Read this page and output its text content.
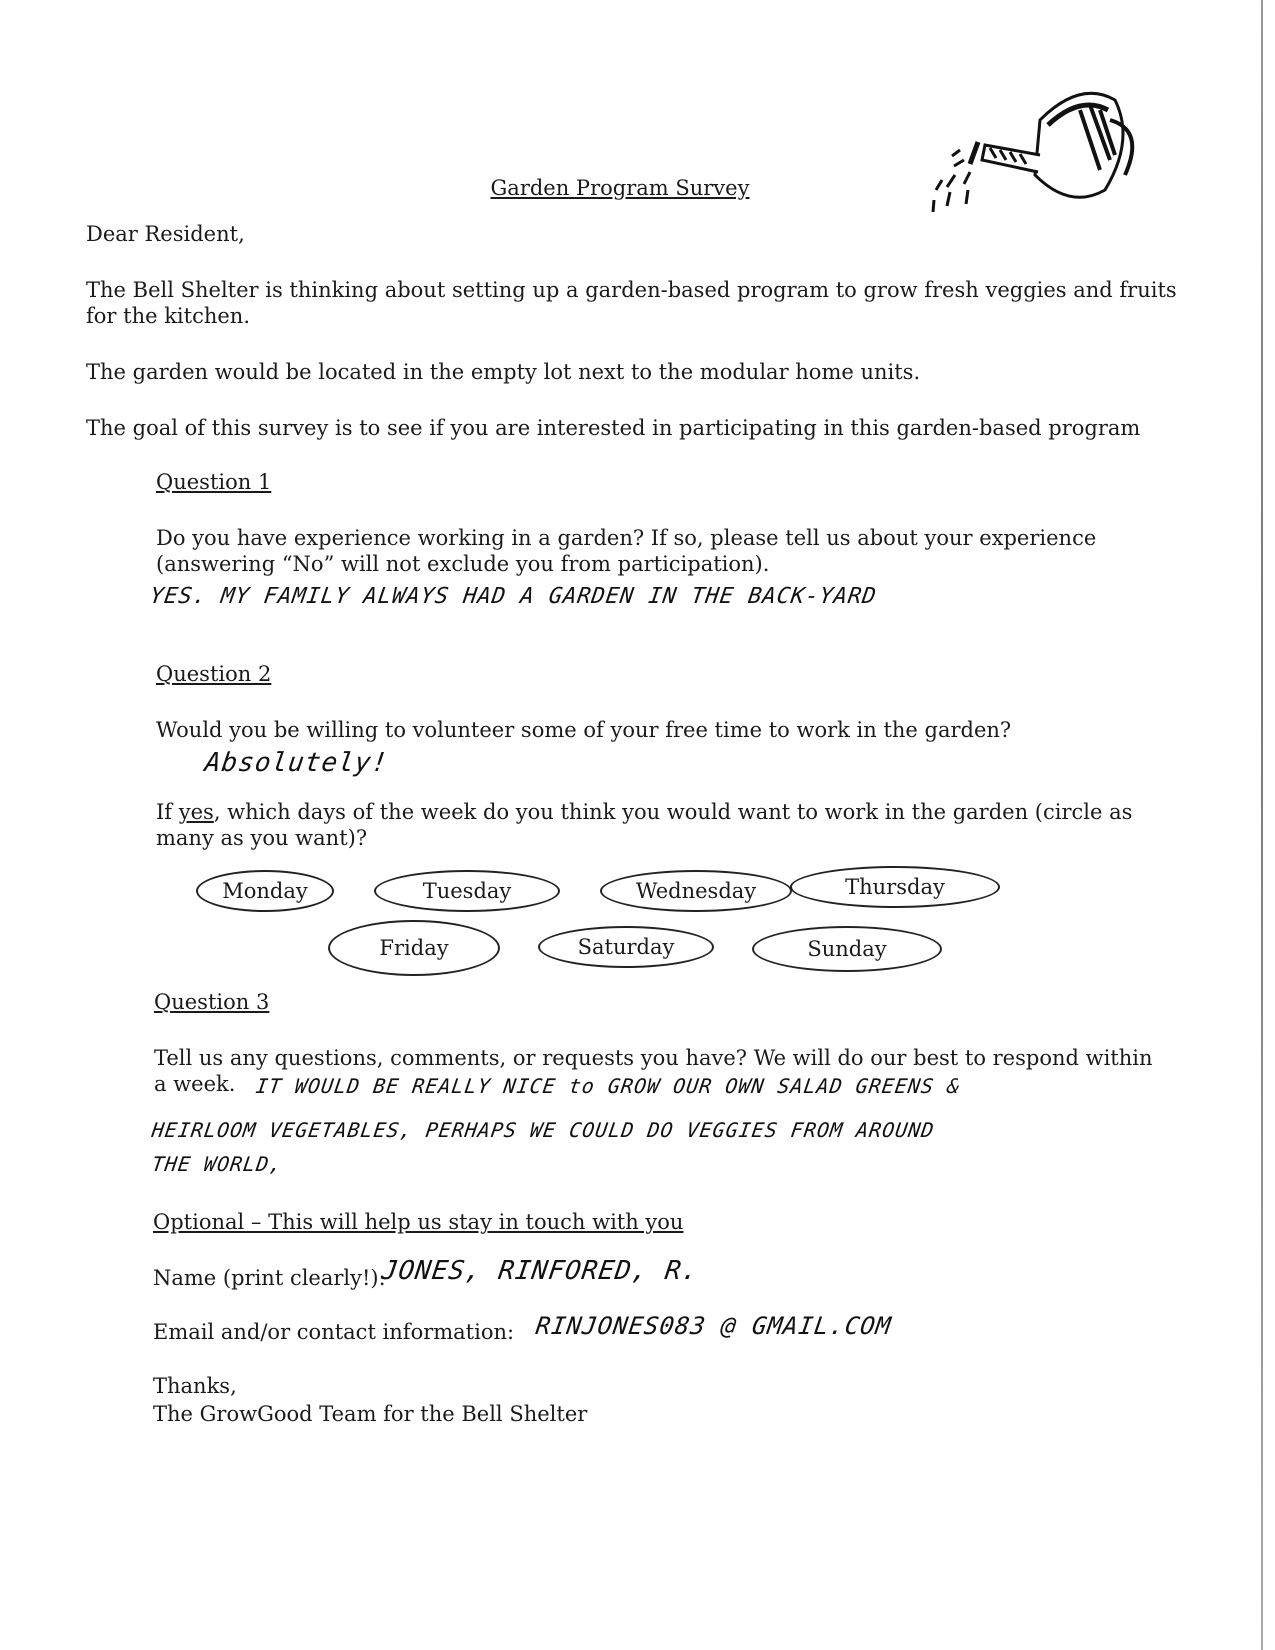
Garden Program Survey
Dear Resident,
The Bell Shelter is thinking about setting up a garden-based program to grow fresh veggies and fruits
for the kitchen.
The garden would be located in the empty lot next to the modular home units.
The goal of this survey is to see if you are interested in participating in this garden-based program
Question 1
Do you have experience working in a garden? If so, please tell us about your experience
(answering “No” will not exclude you from participation).
YES. MY FAMILY ALWAYS HAD A GARDEN IN THE BACK-YARD
Question 2
Would you be willing to volunteer some of your free time to work in the garden?
Absolutely!
If yes, which days of the week do you think you would want to work in the garden (circle as
many as you want)?
Monday	Tuesday	Wednesday	Thursday
Friday	Saturday	Sunday
Question 3
Tell us any questions, comments, or requests you have? We will do our best to respond within
a week. IT WOULD BE REALLY NICE to GROW OUR OWN SALAD GREENS &
HEIRLOOM VEGETABLES, PERHAPS WE COULD DO VEGGIES FROM AROUND
THE WORLD,
Optional – This will help us stay in touch with you
Name (print clearly!):
JONES, RINFORED, R.
Email and/or contact information: RINJONES083 @ GMAIL.COM
Thanks,
The GrowGood Team for the Bell Shelter
